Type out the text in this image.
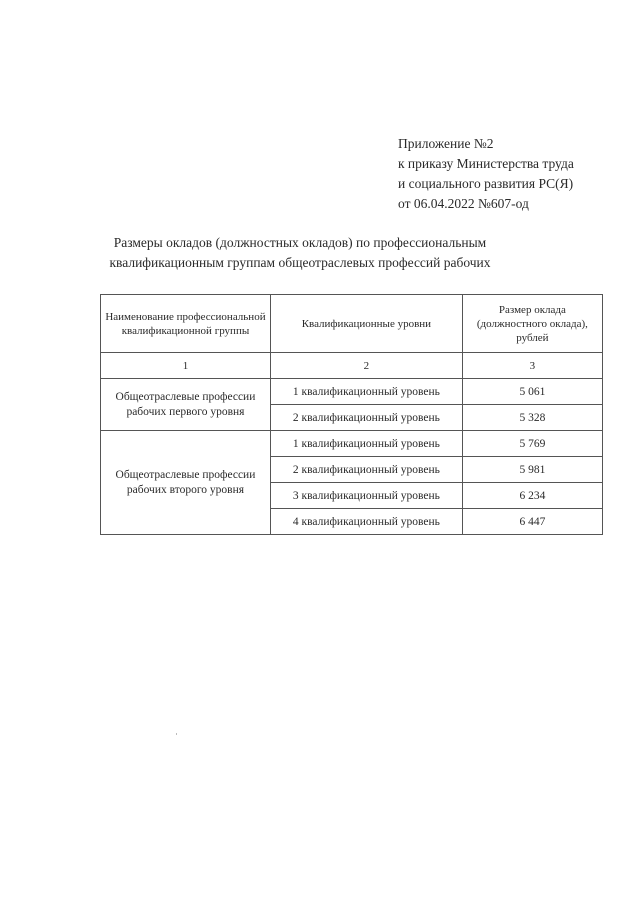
Приложение №2
к приказу Министерства труда
и социального развития РС(Я)
от 06.04.2022 №607-од
Размеры окладов (должностных окладов) по профессиональным
квалификационным группам общеотраслевых профессий рабочих
Наименование профессиональной квалификационной группы	Квалификационные уровни	Размер оклада (должностного оклада), рублей
1	2	3
Общеотраслевые профессии рабочих первого уровня	1 квалификационный уровень	5 061
	2 квалификационный уровень	5 328
Общеотраслевые профессии рабочих второго уровня	1 квалификационный уровень	5 769
	2 квалификационный уровень	5 981
	3 квалификационный уровень	6 234
	4 квалификационный уровень	6 447
